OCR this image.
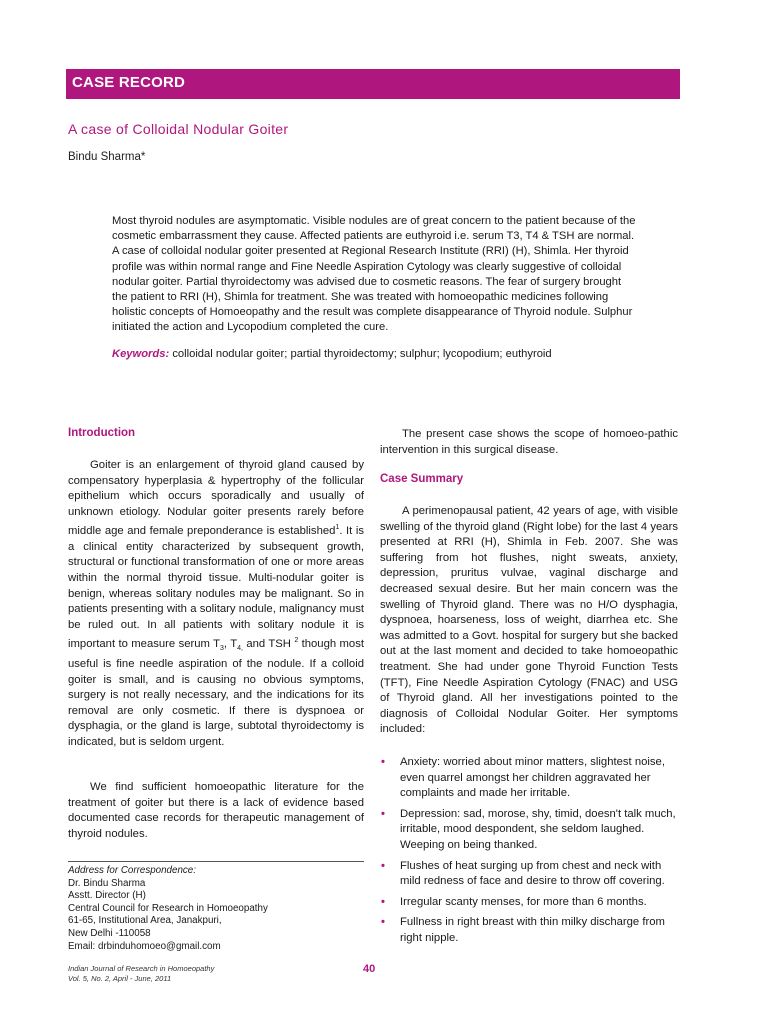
CASE RECORD
A case of Colloidal Nodular Goiter
Bindu Sharma*

Most thyroid nodules are asymptomatic. Visible nodules are of great concern to the patient because of the cosmetic embarrassment they cause. Affected patients are euthyroid i.e. serum T3, T4 & TSH are normal. A case of colloidal nodular goiter presented at Regional Research Institute (RRI) (H), Shimla. Her thyroid profile was within normal range and Fine Needle Aspiration Cytology was clearly suggestive of colloidal nodular goiter. Partial thyroidectomy was advised due to cosmetic reasons. The fear of surgery brought the patient to RRI (H), Shimla for treatment. She was treated with homoeopathic medicines following holistic concepts of Homoeopathy and the result was complete disappearance of Thyroid nodule. Sulphur initiated the action and Lycopodium completed the cure.

Keywords: colloidal nodular goiter; partial thyroidectomy; sulphur; lycopodium; euthyroid
Introduction

Goiter is an enlargement of thyroid gland caused by compensatory hyperplasia & hypertrophy of the follicular epithelium which occurs sporadically and usually of unknown etiology. Nodular goiter presents rarely before middle age and female preponderance is established$^1$. It is a clinical entity characterized by subsequent growth, structural or functional transformation of one or more areas within the normal thyroid tissue. Multi-nodular goiter is benign, whereas solitary nodules may be malignant. So in patients presenting with a solitary nodule, malignancy must be ruled out. In all patients with solitary nodule it is important to measure serum $T_3$, $T_{4,}$ and TSH $^2$ though most useful is fine needle aspiration of the nodule. If a colloid goiter is small, and is causing no obvious symptoms, surgery is not really necessary, and the indications for its removal are only cosmetic. If there is dyspnoea or dysphagia, or the gland is large, subtotal thyroidectomy is indicated, but is seldom urgent.

We find sufficient homoeopathic literature for the treatment of goiter but there is a lack of evidence based documented case records for therapeutic management of thyroid nodules.

The present case shows the scope of homoeo-pathic intervention in this surgical disease.

Case Summary

A perimenopausal patient, 42 years of age, with visible swelling of the thyroid gland (Right lobe) for the last 4 years presented at RRI (H), Shimla in Feb. 2007. She was suffering from hot flushes, night sweats, anxiety, depression, pruritus vulvae, vaginal discharge and decreased sexual desire. But her main concern was the swelling of Thyroid gland. There was no H/O dysphagia, dyspnoea, hoarseness, loss of weight, diarrhea etc. She was admitted to a Govt. hospital for surgery but she backed out at the last moment and decided to take homoeopathic treatment. She had under gone Thyroid Function Tests (TFT), Fine Needle Aspiration Cytology (FNAC) and USG of Thyroid gland. All her investigations pointed to the diagnosis of Colloidal Nodular Goiter. Her symptoms included:

• Anxiety: worried about minor matters, slightest noise, even quarrel amongst her children aggravated her complaints and made her irritable.
• Depression: sad, morose, shy, timid, doesn't talk much, irritable, mood despondent, she seldom laughed. Weeping on being thanked.
• Flushes of heat surging up from chest and neck with mild redness of face and desire to throw off covering.
• Irregular scanty menses, for more than 6 months.
• Fullness in right breast with thin milky discharge from right nipple.
Address for Correspondence:
Dr. Bindu Sharma
Asstt. Director (H)
Central Council for Research in Homoeopathy
61-65, Institutional Area, Janakpuri,
New Delhi -110058
Email: drbinduhomoeo@gmail.com
Indian Journal of Research in Homoeopathy
Vol. 5, No. 2, April - June, 2011
40
